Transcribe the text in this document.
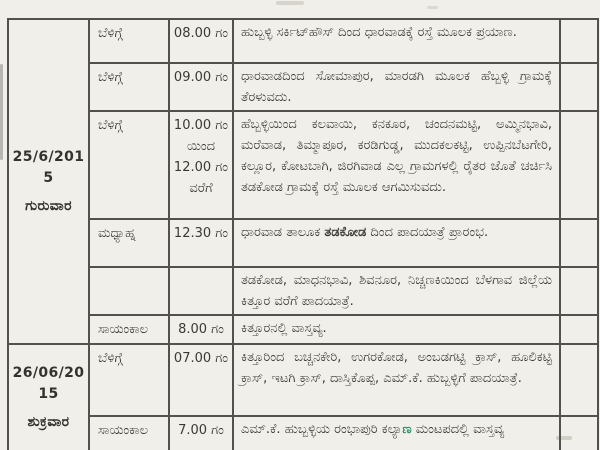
25/6/2015
ಗುರುವಾರ	ಬೆಳಿಗ್ಗೆ	08.00 ಗಂ	ಹುಬ್ಬಳ್ಳಿ ಸರ್ಕಿಟ್‌ಹೌಸ್ ದಿಂದ ಧಾರವಾಡಕ್ಕೆ ರಸ್ತೆ ಮೂಲಕ ಪ್ರಯಾಣ.	
	ಬೆಳಿಗ್ಗೆ	09.00 ಗಂ	ಧಾರವಾಡದಿಂದ ಸೋಮಾಪುರ, ಮಾರಡಗಿ ಮೂಲಕ ಹೆಬ್ಬಳ್ಳಿ ಗ್ರಾಮಕ್ಕೆ ತೆರಳುವದು.	
	ಬೆಳಿಗ್ಗೆ	10.00 ಗಂ ಯಿಂದ 12.00 ಗಂ ವರೆಗೆ	ಹೆಬ್ಬಳ್ಳಿಯಿಂದ ಕಲವಾಯಿ, ಕನಕೂರ, ಚಂದನಮಟ್ಟಿ, ಅಮ್ಮಿನಭಾವಿ, ಮರೆವಾಡ, ತಿಮ್ಮಾಪೂರ, ಕರಡಿಗುಡ್ಡ, ಮುದಕಲಕಟ್ಟಿ, ಉಪ್ಪಿನಬೆಟಗೇರಿ, ಕಲ್ಲೂರ, ಕೋಟಬಾಗಿ, ಜಿರಗಿವಾಡ ಎಲ್ಲ ಗ್ರಾಮಗಳಲ್ಲಿ ರೈತರ ಜೊತೆ ಚರ್ಚಿಸಿ ತಡಕೋಡ ಗ್ರಾಮಕ್ಕೆ ರಸ್ತೆ ಮೂಲಕ ಆಗಮಿಸುವದು.	
	ಮಧ್ಯಾಹ್ನ	12.30 ಗಂ	ಧಾರವಾಡ ತಾಲೂಕ ತಡಕೋಡ ದಿಂದ ಪಾದಯಾತ್ರೆ ಪ್ರಾರಂಭ.	
			ತಡಕೋಡ, ಮಾಧನಭಾವಿ, ಶಿವನೂರ, ನಿಚ್ಚಣಕಿಯಿಂದ ಬೆಳಗಾವ ಜಿಲ್ಲೆಯ ಕಿತ್ತೂರ ವರೆಗೆ ಪಾದಯಾತ್ರೆ.	
	ಸಾಯಂಕಾಲ	8.00 ಗಂ	ಕಿತ್ತೂರನಲ್ಲಿ ವಾಸ್ತವ್ಯ.	

26/06/2015
ಶುಕ್ರವಾರ	ಬೆಳಿಗ್ಗೆ	07.00 ಗಂ	ಕಿತ್ತೂರಿಂದ ಬಚ್ಚನಕೇರಿ, ಉಗರಕೋಡ, ಅಂಬಡಗಟ್ಟಿ ಕ್ರಾಸ್, ಹೂಲಿಕಟ್ಟಿ ಕ್ರಾಸ್, ಇಟಗಿ ಕ್ರಾಸ್, ದಾಸ್ತಿಕೊಪ್ಪ, ಎಮ್.ಕೆ. ಹುಬ್ಬಳ್ಳಿಗೆ ಪಾದಯಾತ್ರೆ.	
	ಸಾಯಂಕಾಲ	7.00 ಗಂ	ಎಮ್.ಕೆ. ಹುಬ್ಬಳ್ಳಿಯ ರಂಭಾಪುರಿ ಕಲ್ಯಾಣ ಮಂಟಪದಲ್ಲಿ ವಾಸ್ತವ್ಯ	
